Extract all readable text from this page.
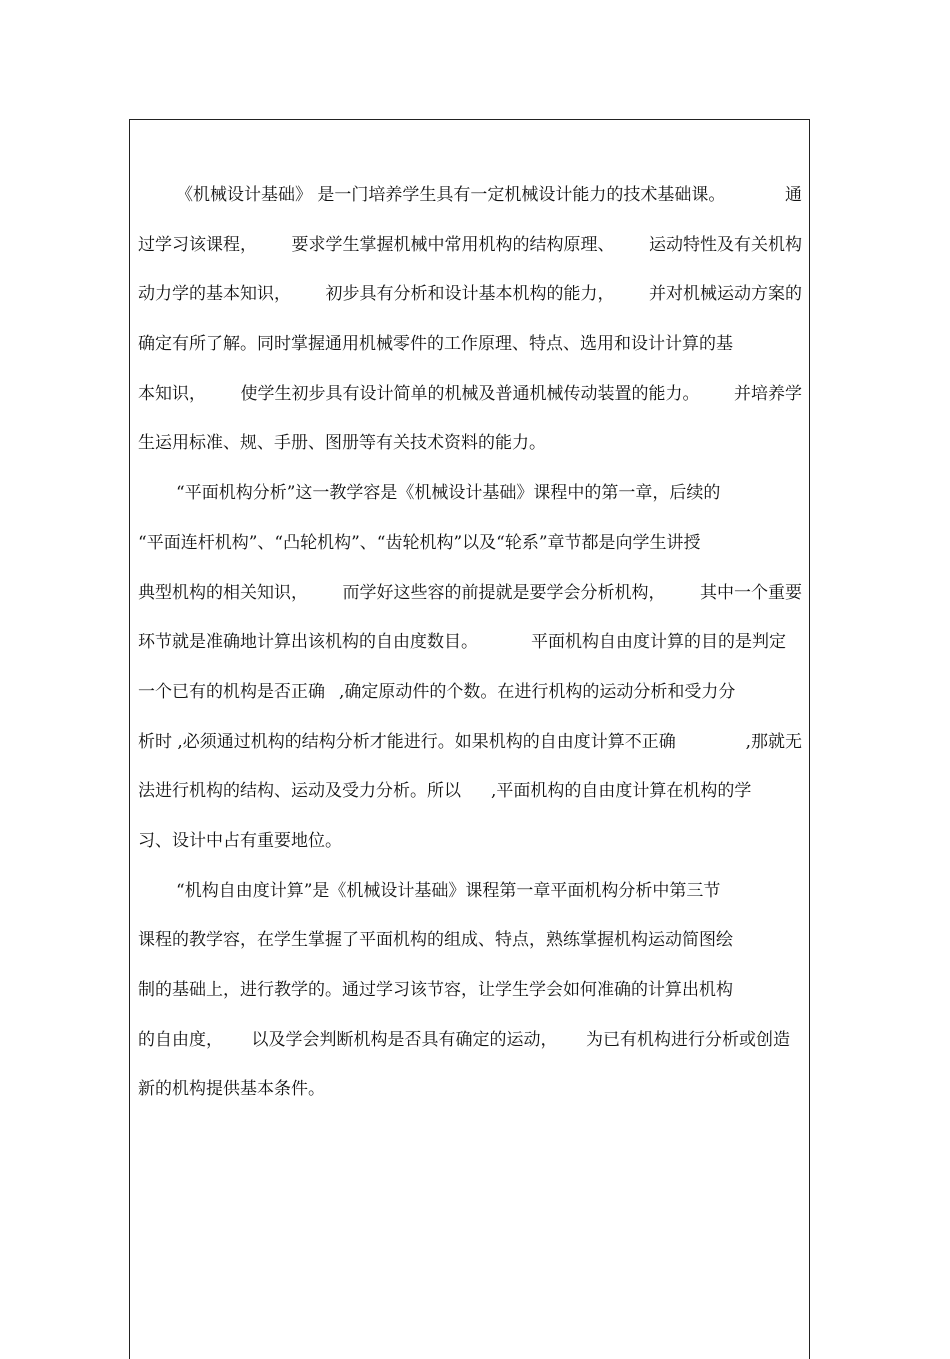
《机械设计基础》 是一门培养学生具有一定机械设计能力的技术基础课。	通
过学习该课程， 要求学生掌握机械中常用机构的结构原理、 运动特性及有关机构
动力学的基本知识， 初步具有分析和设计基本机构的能力， 并对机械运动方案的
确定有所了解。同时掌握通用机械零件的工作原理、特点、选用和设计计算的基
本知识， 使学生初步具有设计简单的机械及普通机械传动装置的能力。 并培养学
生运用标准、规、手册、图册等有关技术资料的能力。
“平面机构分析”这一教学容是《机械设计基础》课程中的第一章，后续的
“平面连杆机构”、“凸轮机构”、“齿轮机构”以及“轮系”章节都是向学生讲授
典型机构的相关知识， 而学好这些容的前提就是要学会分析机构， 其中一个重要
环节就是准确地计算出该机构的自由度数目。	平面机构自由度计算的目的是判定
一个已有的机构是否正确 ,确定原动件的个数。在进行机构的运动分析和受力分
析时 ,必须通过机构的结构分析才能进行。如果机构的自由度计算不正确	,那就无
法进行机构的结构、运动及受力分析。所以 ,平面机构的自由度计算在机构的学
习、设计中占有重要地位。
“机构自由度计算”是《机械设计基础》课程第一章平面机构分析中第三节
课程的教学容，在学生掌握了平面机构的组成、特点，熟练掌握机构运动简图绘
制的基础上，进行教学的。通过学习该节容，让学生学会如何准确的计算出机构
的自由度， 以及学会判断机构是否具有确定的运动， 为已有机构进行分析或创造
新的机构提供基本条件。
